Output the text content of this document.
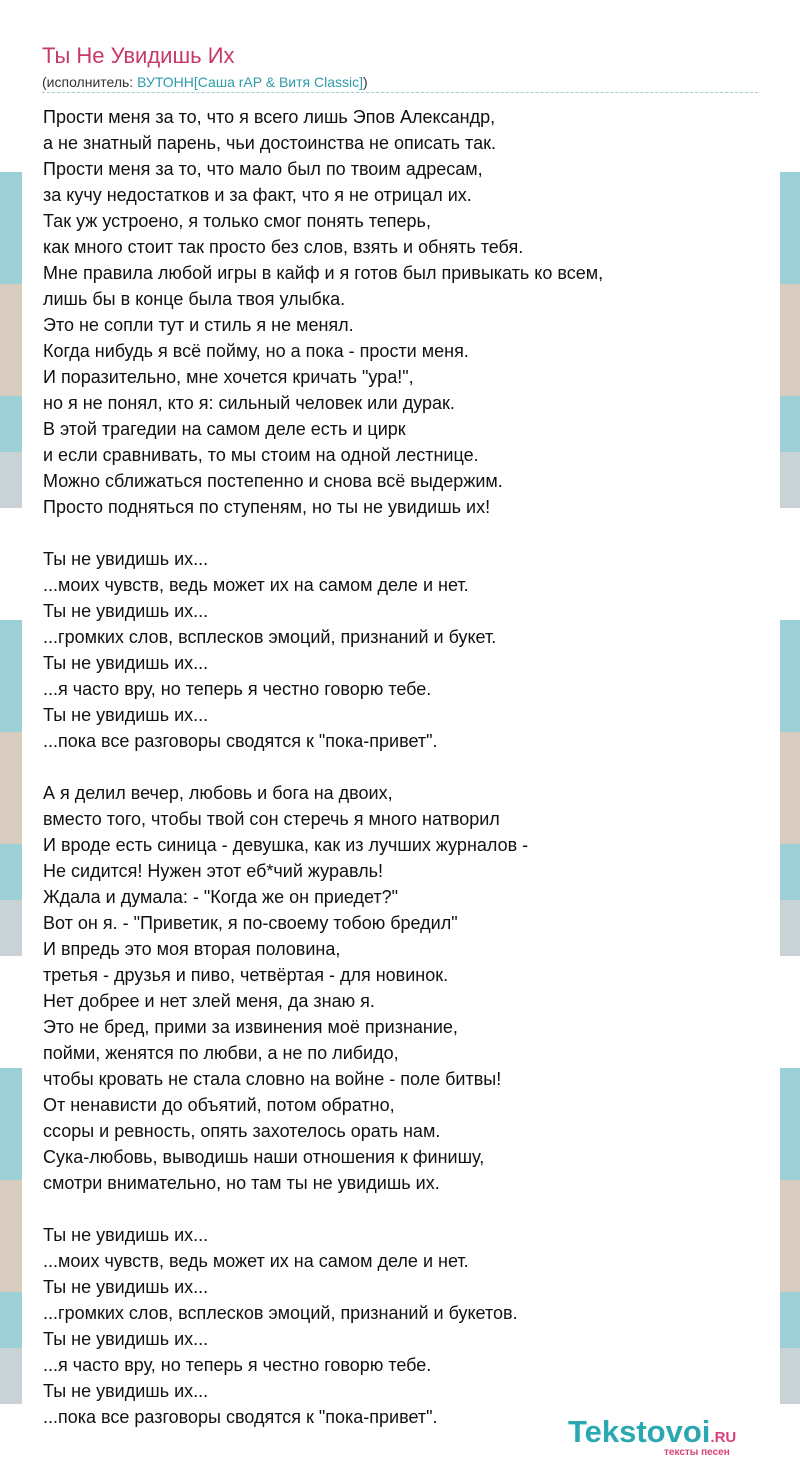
Ты Не Увидишь Их
(исполнитель: ВУТОНН[Саша rAP & Витя Classic])
Прости меня за то, что я всего лишь Эпов Александр,
а не знатный парень, чьи достоинства не описать так.
Прости меня за то, что мало был по твоим адресам,
за кучу недостатков и за факт, что я не отрицал их.
Так уж устроено, я только смог понять теперь,
как много стоит так просто без слов, взять и обнять тебя.
Мне правила любой игры в кайф и я готов был привыкать ко всем,
лишь бы в конце была твоя улыбка.
Это не сопли тут и стиль я не менял.
Когда нибудь я всё пойму, но а пока - прости меня.
И поразительно, мне хочется кричать "ура!",
но я не понял, кто я: сильный человек или дурак.
В этой трагедии на самом деле есть и цирк
и если сравнивать, то мы стоим на одной лестнице.
Можно сближаться постепенно и снова всё выдержим.
Просто подняться по ступеням, но ты не увидишь их!
Ты не увидишь их...
...моих чувств, ведь может их на самом деле и нет.
Ты не увидишь их...
...громких слов, всплесков эмоций, признаний и букет.
Ты не увидишь их...
...я часто вру, но теперь я честно говорю тебе.
Ты не увидишь их...
...пока все разговоры сводятся к "пока-привет".
А я делил вечер, любовь и бога на двоих,
вместо того, чтобы твой сон стеречь я много натворил
И вроде есть синица - девушка, как из лучших журналов -
Не сидится! Нужен этот еб*чий журавль!
Ждала и думала: - "Когда же он приедет?"
Вот он я. - "Приветик, я по-своему тобою бредил"
И впредь это моя вторая половина,
третья - друзья и пиво, четвёртая - для новинок.
Нет добрее и нет злей меня, да знаю я.
Это не бред, прими за извинения моё признание,
пойми, женятся по любви, а не по либидо,
чтобы кровать не стала словно на войне - поле битвы!
От ненависти до объятий, потом обратно,
ссоры и ревность, опять захотелось орать нам.
Сука-любовь, выводишь наши отношения к финишу,
смотри внимательно, но там ты не увидишь их.
Ты не увидишь их...
...моих чувств, ведь может их на самом деле и нет.
Ты не увидишь их...
...громких слов, всплесков эмоций, признаний и букетов.
Ты не увидишь их...
...я часто вру, но теперь я честно говорю тебе.
Ты не увидишь их...
...пока все разговоры сводятся к "пока-привет".	Tekstovoi.RU
тексты песен
